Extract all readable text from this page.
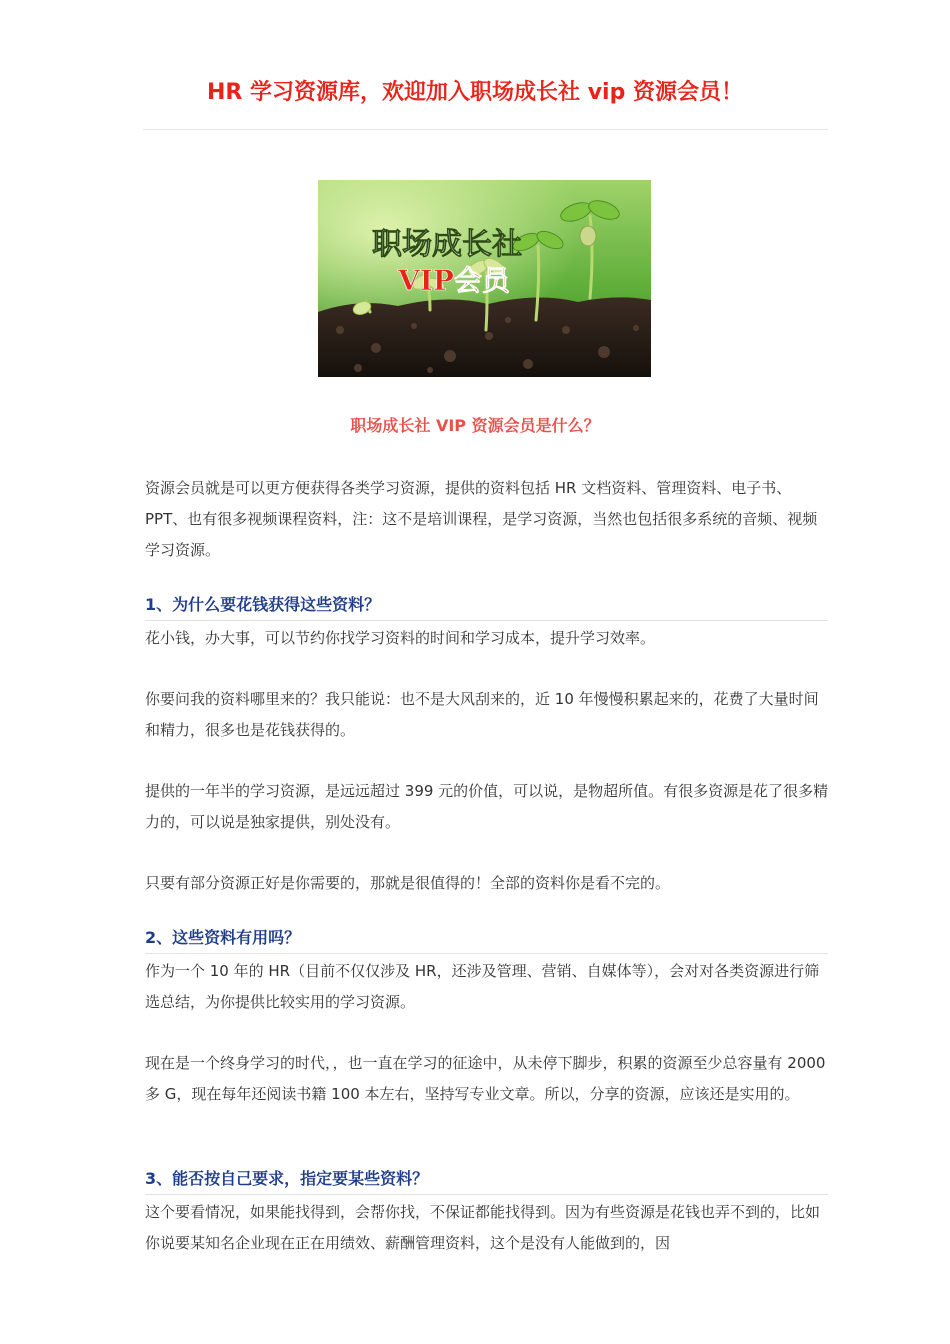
HR 学习资源库，欢迎加入职场成长社 vip 资源会员！
职场成长社
VIP会员
职场成长社 VIP 资源会员是什么？

资源会员就是可以更方便获得各类学习资源，提供的资料包括 HR 文档资料、管理资料、电子书、PPT、也有很多视频课程资料，注：这不是培训课程，是学习资源，当然也包括很多系统的音频、视频学习资源。

1、为什么要花钱获得这些资料？

花小钱，办大事，可以节约你找学习资料的时间和学习成本，提升学习效率。

你要问我的资料哪里来的？我只能说：也不是大风刮来的，近 10 年慢慢积累起来的，花费了大量时间和精力，很多也是花钱获得的。

提供的一年半的学习资源，是远远超过 399 元的价值，可以说，是物超所值。有很多资源是花了很多精力的，可以说是独家提供，别处没有。

只要有部分资源正好是你需要的，那就是很值得的！全部的资料你是看不完的。

2、这些资料有用吗？

作为一个 10 年的 HR（目前不仅仅涉及 HR，还涉及管理、营销、自媒体等），会对对各类资源进行筛选总结，为你提供比较实用的学习资源。

现在是一个终身学习的时代，，也一直在学习的征途中，从未停下脚步，积累的资源至少总容量有 2000 多 G，现在每年还阅读书籍 100 本左右，坚持写专业文章。所以，分享的资源，应该还是实用的。

3、能否按自己要求，指定要某些资料？

这个要看情况，如果能找得到，会帮你找，不保证都能找得到。因为有些资源是花钱也弄不到的，比如你说要某知名企业现在正在用绩效、薪酬管理资料，这个是没有人能做到的，因
